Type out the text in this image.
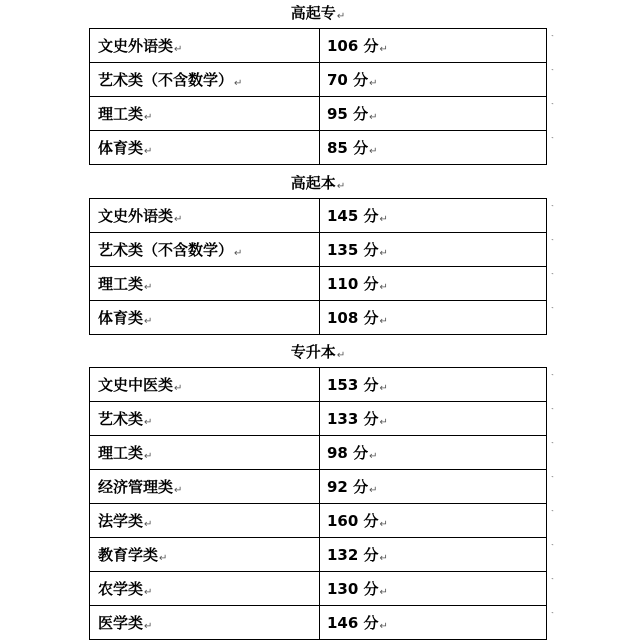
高起专↵
文史外语类↵	106 分↵
艺术类（不含数学）↵	70 分↵
理工类↵	95 分↵
体育类↵	85 分↵
˺
˺
˺
˺
高起本↵
文史外语类↵	145 分↵
艺术类（不含数学）↵	135 分↵
理工类↵	110 分↵
体育类↵	108 分↵
˺
˺
˺
˺
专升本↵
文史中医类↵	153 分↵
艺术类↵	133 分↵
理工类↵	98 分↵
经济管理类↵	92 分↵
法学类↵	160 分↵
教育学类↵	132 分↵
农学类↵	130 分↵
医学类↵	146 分↵
˺
˺
˺
˺
˺
˺
˺
˺
